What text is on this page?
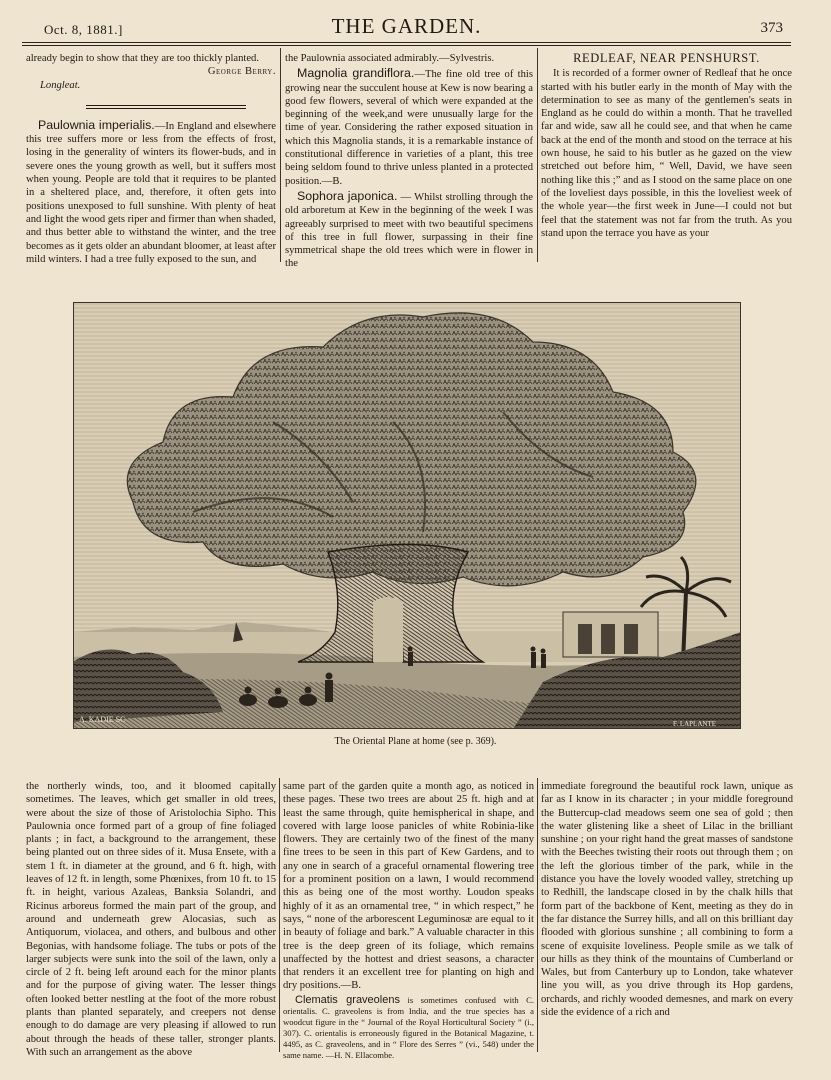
Oct. 8, 1881.]	THE GARDEN.	373

already begin to show that they are too thickly planted.

George Berry.

Longleat.

Paulownia imperialis.—In England and elsewhere this tree suffers more or less from the effects of frost, losing in the generality of winters its flower-buds, and in severe ones the young growth as well, but it suffers most when young. People are told that it requires to be planted in a sheltered place, and, therefore, it often gets into positions unexposed to full sunshine. With plenty of heat and light the wood gets riper and firmer than when shaded, and thus better able to withstand the winter, and the tree becomes as it gets older an abundant bloomer, at least after mild winters. I had a tree fully exposed to the sun, and

the Paulownia associated admirably.—Sylvestris.

Magnolia grandiflora.—The fine old tree of this growing near the succulent house at Kew is now bearing a good few flowers, several of which were expanded at the beginning of the week,and were unusually large for the time of year. Considering the rather exposed situation in which this Magnolia stands, it is a remarkable instance of constitutional difference in varieties of a plant, this tree being seldom found to thrive unless planted in a protected position.—B.

Sophora japonica. — Whilst strolling through the old arboretum at Kew in the beginning of the week I was agreeably surprised to meet with two beautiful specimens of this tree in full flower, surpassing in their fine symmetrical shape the old trees which were in flower in the

REDLEAF, NEAR PENSHURST.

It is recorded of a former owner of Redleaf that he once started with his butler early in the month of May with the determination to see as many of the gentlemen's seats in England as he could do within a month. That he travelled far and wide, saw all he could see, and that when he came back at the end of the month and stood on the terrace at his own house, he said to his butler as he gazed on the view stretched out before him, “ Well, David, we have seen nothing like this ;” and as I stood on the same place on one of the loveliest days possible, in this the loveliest week of the whole year—the first week in June—I could not but feel that the statement was not far from the truth. As you stand upon the terrace you have as your

A. KADIE SC	F. LAPLANTE
The Oriental Plane at home (see p. 369).

the northerly winds, too, and it bloomed capitally sometimes. The leaves, which get smaller in old trees, were about the size of those of Aristolochia Sipho. This Paulownia once formed part of a group of fine foliaged plants ; in fact, a background to the arrangement, these being planted out on three sides of it. Musa Ensete, with a stem 1 ft. in diameter at the ground, and 6 ft. high, with leaves of 12 ft. in length, some Phœnixes, from 10 ft. to 15 ft. in height, various Azaleas, Banksia Solandri, and Ricinus arboreus formed the main part of the group, and around and underneath grew Alocasias, such as Antiquorum, violacea, and others, and bulbous and other Begonias, with handsome foliage. The tubs or pots of the larger subjects were sunk into the soil of the lawn, only a circle of 2 ft. being left around each for the minor plants and for the purpose of giving water. The lesser things often looked better nestling at the foot of the more robust plants than planted separately, and creepers not dense enough to do damage are very pleasing if allowed to run about through the heads of these taller, stronger plants. With such an arrangement as the above

same part of the garden quite a month ago, as noticed in these pages. These two trees are about 25 ft. high and at least the same through, quite hemispherical in shape, and covered with large loose panicles of white Robinia-like flowers. They are certainly two of the finest of the many fine trees to be seen in this part of Kew Gardens, and to any one in search of a graceful ornamental flowering tree for a prominent position on a lawn, I would recommend this as being one of the most worthy. Loudon speaks highly of it as an ornamental tree, “ in which respect,” he says, “ none of the arborescent Leguminosæ are equal to it in beauty of foliage and bark.” A valuable character in this tree is the deep green of its foliage, which remains unaffected by the hottest and driest seasons, a character that renders it an excellent tree for planting on high and dry positions.—B.

Clematis graveolens is sometimes confused with C. orientalis. C. graveolens is from India, and the true species has a woodcut figure in the “ Journal of the Royal Horticultural Society ” (i., 307). C. orientalis is erroneously figured in the Botanical Magazine, t. 4495, as C. graveolens, and in “ Flore des Serres ” (vi., 548) under the same name. —H. N. Ellacombe.

immediate foreground the beautiful rock lawn, unique as far as I know in its character ; in your middle foreground the Buttercup-clad meadows seem one sea of gold ; then the water glistening like a sheet of Lilac in the brilliant sunshine ; on your right hand the great masses of sandstone with the Beeches twisting their roots out through them ; on the left the glorious timber of the park, while in the distance you have the lovely wooded valley, stretching up to Redhill, the landscape closed in by the chalk hills that form part of the backbone of Kent, meeting as they do in the far distance the Surrey hills, and all on this brilliant day flooded with glorious sunshine ; all combining to form a scene of exquisite loveliness. People smile as we talk of our hills as they think of the mountains of Cumberland or Wales, but from Canterbury up to London, take whatever line you will, as you drive through its Hop gardens, orchards, and richly wooded demesnes, and mark on every side the evidence of a rich and
